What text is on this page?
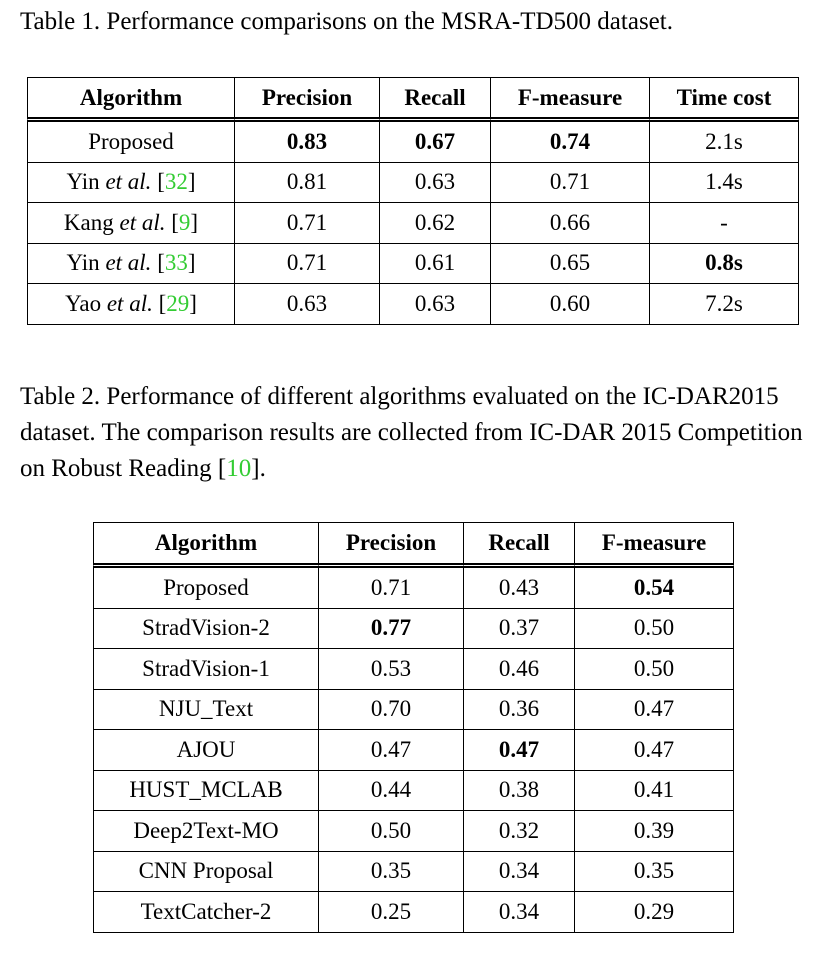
Table 1. Performance comparisons on the MSRA-TD500 dataset.

Algorithm	Precision	Recall	F-measure	Time cost
Proposed	0.83	0.67	0.74	2.1s
Yin et al. [32]	0.81	0.63	0.71	1.4s
Kang et al. [9]	0.71	0.62	0.66	-
Yin et al. [33]	0.71	0.61	0.65	0.8s
Yao et al. [29]	0.63	0.63	0.60	7.2s

Table 2. Performance of different algorithms evaluated on the IC-DAR2015 dataset. The comparison results are collected from IC-DAR 2015 Competition on Robust Reading [10].

Algorithm	Precision	Recall	F-measure
Proposed	0.71	0.43	0.54
StradVision-2	0.77	0.37	0.50
StradVision-1	0.53	0.46	0.50
NJU_Text	0.70	0.36	0.47
AJOU	0.47	0.47	0.47
HUST_MCLAB	0.44	0.38	0.41
Deep2Text-MO	0.50	0.32	0.39
CNN Proposal	0.35	0.34	0.35
TextCatcher-2	0.25	0.34	0.29
